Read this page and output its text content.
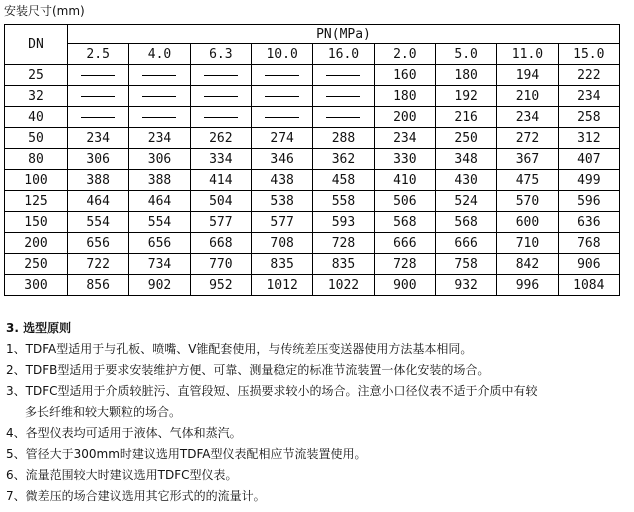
安装尺寸(mm)
DN	PN(MPa)								
	2.5	4.0	6.3	10.0	16.0	2.0	5.0	11.0	15.0
25						160	180	194	222
32						180	192	210	234
40						200	216	234	258
50	234	234	262	274	288	234	250	272	312
80	306	306	334	346	362	330	348	367	407
100	388	388	414	438	458	410	430	475	499
125	464	464	504	538	558	506	524	570	596
150	554	554	577	577	593	568	568	600	636
200	656	656	668	708	728	666	666	710	768
250	722	734	770	835	835	728	758	842	906
300	856	902	952	1012	1022	900	932	996	1084
3. 选型原则
1、TDFA型适用于与孔板、喷嘴、V锥配套使用，与传统差压变送器使用方法基本相同。
2、TDFB型适用于要求安装维护方便、可靠、测量稳定的标准节流装置一体化安装的场合。
3、TDFC型适用于介质较脏污、直管段短、压损要求较小的场合。注意小口径仪表不适于介质中有较
多长纤维和较大颗粒的场合。
4、各型仪表均可适用于液体、气体和蒸汽。
5、管径大于300mm时建议选用TDFA型仪表配相应节流装置使用。
6、流量范围较大时建议选用TDFC型仪表。
7、微差压的场合建议选用其它形式的的流量计。
